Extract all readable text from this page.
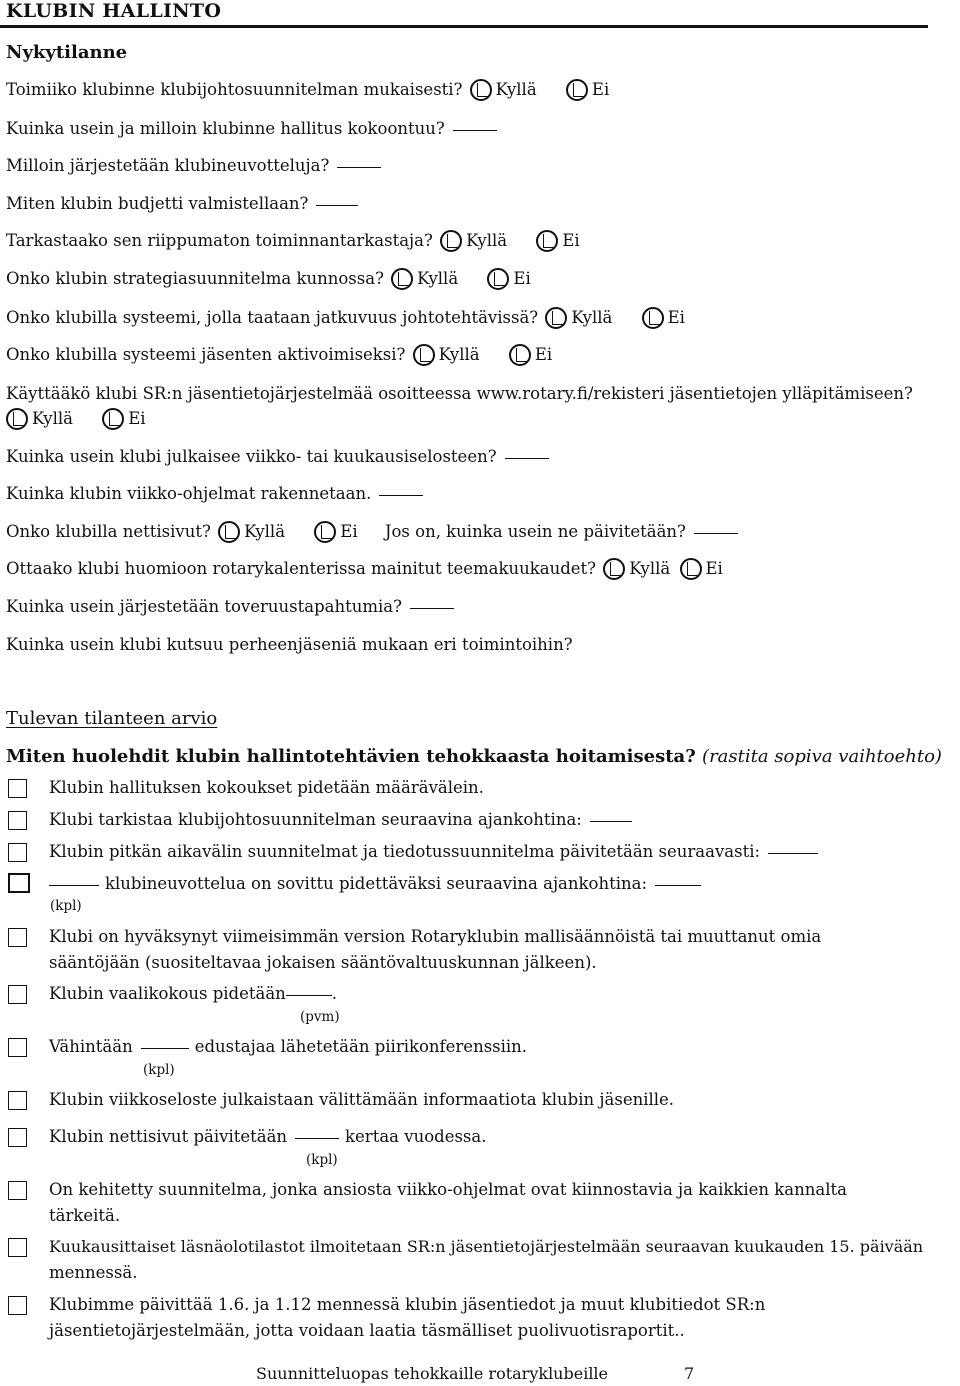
KLUBIN HALLINTO
Nykytilanne
Toimiiko klubinne klubijohtosuunnitelman mukaisesti? Kyllä	Ei
Kuinka usein ja milloin klubinne hallitus kokoontuu?
Milloin järjestetään klubineuvotteluja?
Miten klubin budjetti valmistellaan?
Tarkastaako sen riippumaton toiminnantarkastaja? Kyllä	Ei
Onko klubin strategiasuunnitelma kunnossa? Kyllä	Ei
Onko klubilla systeemi, jolla taataan jatkuvuus johtotehtävissä? Kyllä	Ei
Onko klubilla systeemi jäsenten aktivoimiseksi? Kyllä	Ei
Käyttääkö klubi SR:n jäsentietojärjestelmää osoitteessa www.rotary.fi/rekisteri jäsentietojen ylläpitämiseen?
Kyllä	Ei
Kuinka usein klubi julkaisee viikko- tai kuukausiselosteen?
Kuinka klubin viikko-ohjelmat rakennetaan.
Onko klubilla nettisivut? Kyllä	Ei Jos on, kuinka usein ne päivitetään?
Ottaako klubi huomioon rotarykalenterissa mainitut teemakuukaudet? Kyllä Ei
Kuinka usein järjestetään toveruustapahtumia?
Kuinka usein klubi kutsuu perheenjäseniä mukaan eri toimintoihin?
Tulevan tilanteen arvio
Miten huolehdit klubin hallintotehtävien tehokkaasta hoitamisesta? (rastita sopiva vaihtoehto)
Klubin hallituksen kokoukset pidetään määrävälein.
Klubi tarkistaa klubijohtosuunnitelman seuraavina ajankohtina:
Klubin pitkän aikavälin suunnitelmat ja tiedotussuunnitelma päivitetään seuraavasti:
klubineuvottelua on sovittu pidettäväksi seuraavina ajankohtina:
(kpl)
Klubi on hyväksynyt viimeisimmän version Rotaryklubin mallisäännöistä tai muuttanut omia
sääntöjään (suositeltavaa jokaisen sääntövaltuuskunnan jälkeen).
Klubin vaalikokous pidetään	.
(pvm)
Vähintään	edustajaa lähetetään piirikonferenssiin.
(kpl)
Klubin viikkoseloste julkaistaan välittämään informaatiota klubin jäsenille.
Klubin nettisivut päivitetään	kertaa vuodessa.
(kpl)
On kehitetty suunnitelma, jonka ansiosta viikko-ohjelmat ovat kiinnostavia ja kaikkien kannalta
tärkeitä.
Kuukausittaiset läsnäolotilastot ilmoitetaan SR:n jäsentietojärjestelmään seuraavan kuukauden 15. päivään
mennessä.
Klubimme päivittää 1.6. ja 1.12 mennessä klubin jäsentiedot ja muut klubitiedot SR:n
jäsentietojärjestelmään, jotta voidaan laatia täsmälliset puolivuotisraportit..
Suunnitteluopas tehokkaille rotaryklubeille	7
